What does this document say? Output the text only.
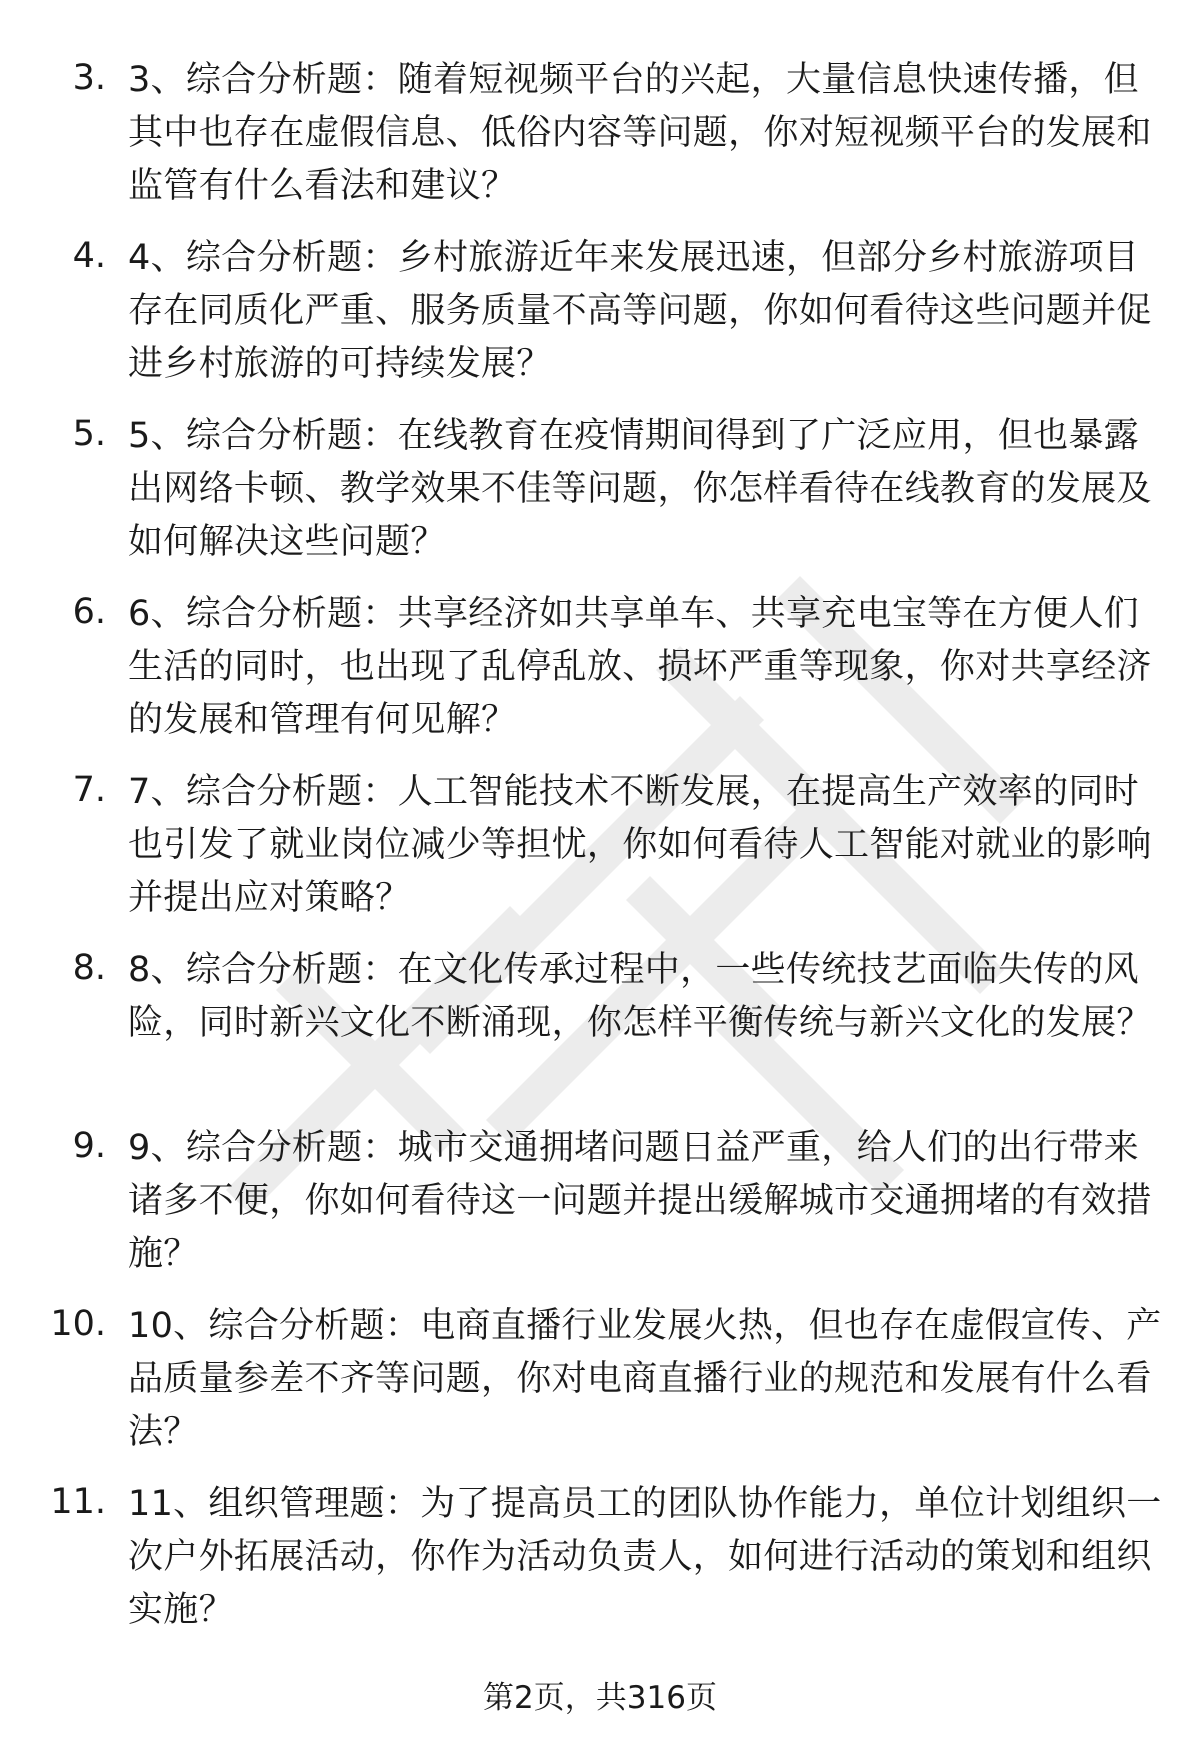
3. 3、综合分析题：随着短视频平台的兴起，大量信息快速传播，但其中也存在虚假信息、低俗内容等问题，你对短视频平台的发展和监管有什么看法和建议？
4. 4、综合分析题：乡村旅游近年来发展迅速，但部分乡村旅游项目存在同质化严重、服务质量不高等问题，你如何看待这些问题并促进乡村旅游的可持续发展？
5. 5、综合分析题：在线教育在疫情期间得到了广泛应用，但也暴露出网络卡顿、教学效果不佳等问题，你怎样看待在线教育的发展及如何解决这些问题？
6. 6、综合分析题：共享经济如共享单车、共享充电宝等在方便人们生活的同时，也出现了乱停乱放、损坏严重等现象，你对共享经济的发展和管理有何见解？
7. 7、综合分析题：人工智能技术不断发展，在提高生产效率的同时也引发了就业岗位减少等担忧，你如何看待人工智能对就业的影响并提出应对策略？
8. 8、综合分析题：在文化传承过程中，一些传统技艺面临失传的风险，同时新兴文化不断涌现，你怎样平衡传统与新兴文化的发展？
9. 9、综合分析题：城市交通拥堵问题日益严重，给人们的出行带来诸多不便，你如何看待这一问题并提出缓解城市交通拥堵的有效措施？
10. 10、综合分析题：电商直播行业发展火热，但也存在虚假宣传、产品质量参差不齐等问题，你对电商直播行业的规范和发展有什么看法？
11. 11、组织管理题：为了提高员工的团队协作能力，单位计划组织一次户外拓展活动，你作为活动负责人，如何进行活动的策划和组织实施？
第2页，共316页
